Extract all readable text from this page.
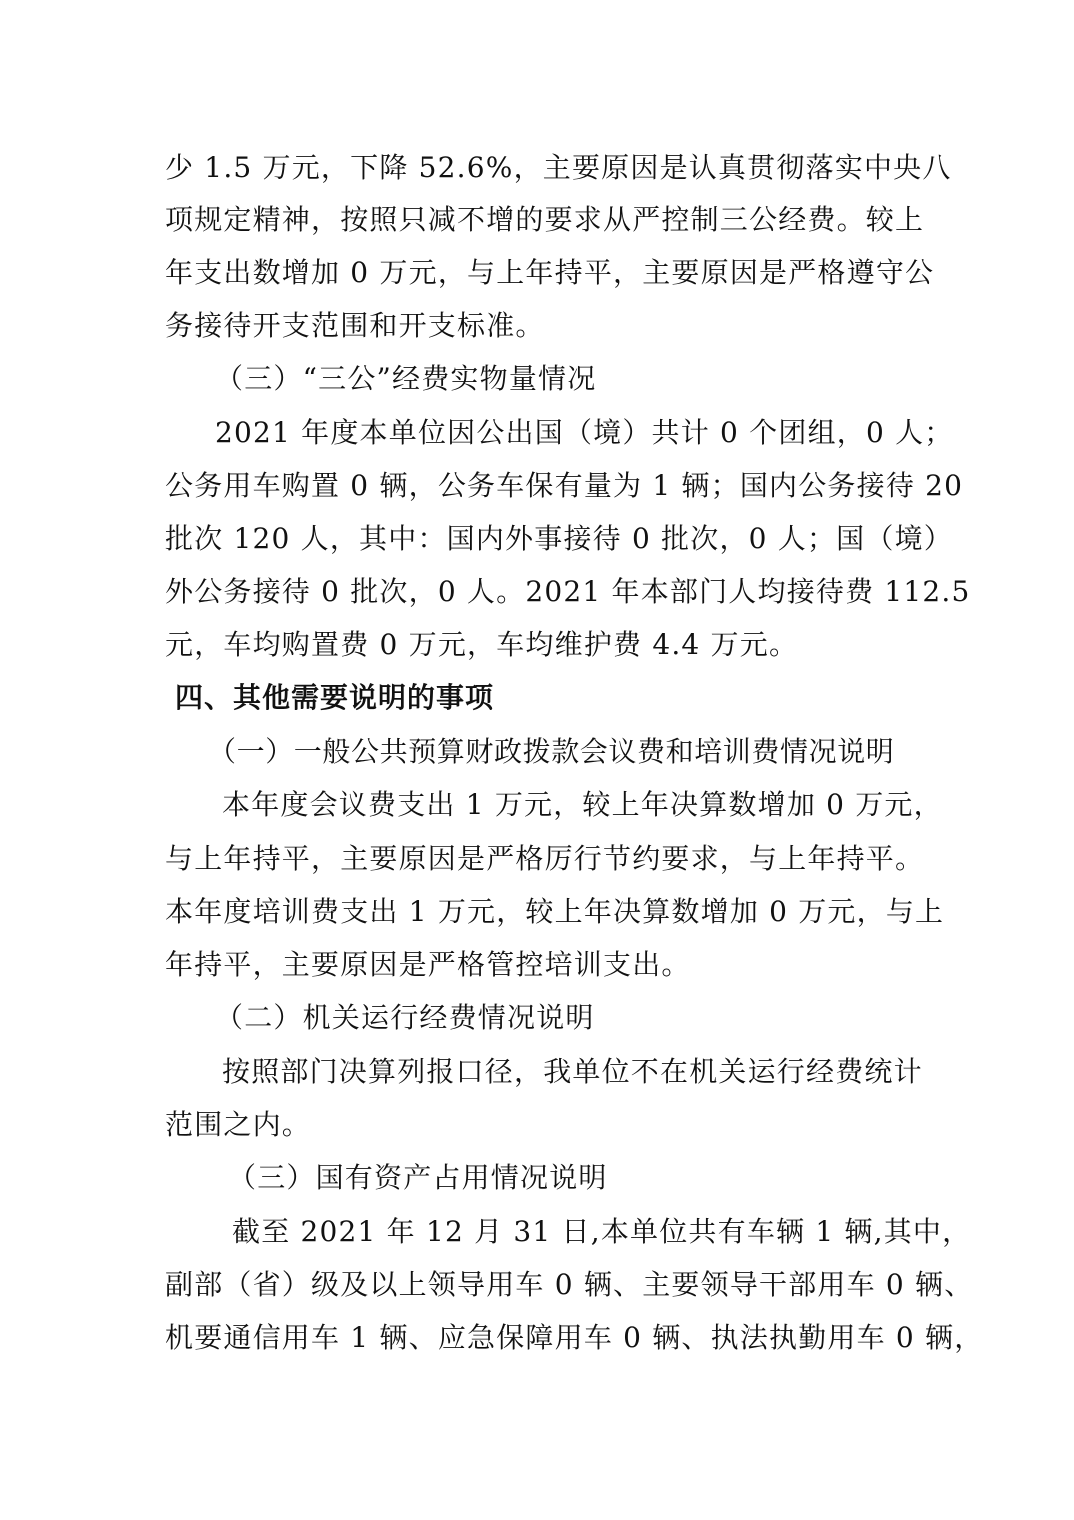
少 1.5 万元，下降 52.6%，主要原因是认真贯彻落实中央八
项规定精神，按照只减不增的要求从严控制三公经费。较上
年支出数增加 0 万元，与上年持平，主要原因是严格遵守公
务接待开支范围和开支标准。
（三）“三公”经费实物量情况
2021 年度本单位因公出国（境）共计 0 个团组，0 人；
公务用车购置 0 辆，公务车保有量为 1 辆；国内公务接待 20
批次 120 人，其中：国内外事接待 0 批次，0 人；国（境）
外公务接待 0 批次，0 人。2021 年本部门人均接待费 112.5
元，车均购置费 0 万元，车均维护费 4.4 万元。
四、其他需要说明的事项
（一）一般公共预算财政拨款会议费和培训费情况说明
本年度会议费支出 1 万元，较上年决算数增加 0 万元，
与上年持平，主要原因是严格厉行节约要求，与上年持平。
本年度培训费支出 1 万元，较上年决算数增加 0 万元，与上
年持平，主要原因是严格管控培训支出。
（二）机关运行经费情况说明
按照部门决算列报口径，我单位不在机关运行经费统计
范围之内。
（三）国有资产占用情况说明
截至 2021 年 12 月 31 日,本单位共有车辆 1 辆,其中，
副部（省）级及以上领导用车 0 辆、主要领导干部用车 0 辆、
机要通信用车 1 辆、应急保障用车 0 辆、执法执勤用车 0 辆，
